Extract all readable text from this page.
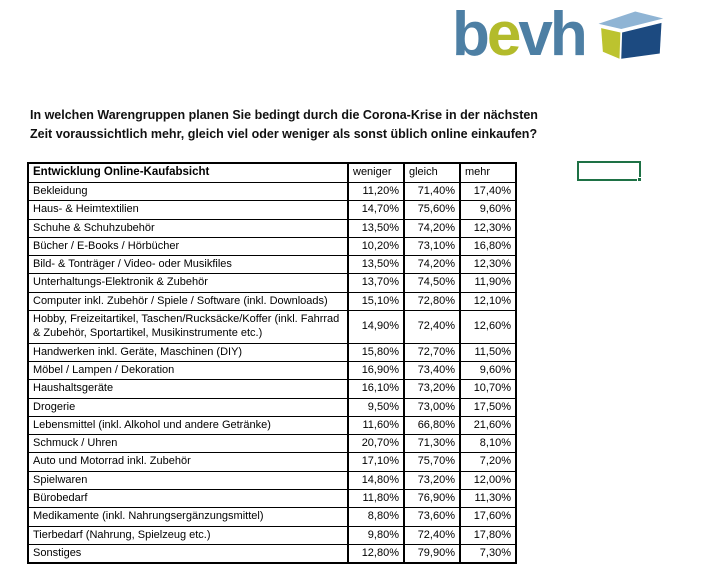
bevh
In welchen Warengruppen planen Sie bedingt durch die Corona-Krise in der nächsten Zeit voraussichtlich mehr, gleich viel oder weniger als sonst üblich online einkaufen?
Entwicklung Online-Kaufabsicht	weniger	gleich	mehr
Bekleidung	11,20%	71,40%	17,40%
Haus- & Heimtextilien	14,70%	75,60%	9,60%
Schuhe & Schuhzubehör	13,50%	74,20%	12,30%
Bücher / E-Books / Hörbücher	10,20%	73,10%	16,80%
Bild- & Tonträger / Video- oder Musikfiles	13,50%	74,20%	12,30%
Unterhaltungs-Elektronik & Zubehör	13,70%	74,50%	11,90%
Computer inkl. Zubehör / Spiele / Software (inkl. Downloads)	15,10%	72,80%	12,10%
Hobby, Freizeitartikel, Taschen/Rucksäcke/Koffer (inkl. Fahrrad & Zubehör, Sportartikel, Musikinstrumente etc.)	14,90%	72,40%	12,60%
Handwerken inkl. Geräte, Maschinen (DIY)	15,80%	72,70%	11,50%
Möbel / Lampen / Dekoration	16,90%	73,40%	9,60%
Haushaltsgeräte	16,10%	73,20%	10,70%
Drogerie	9,50%	73,00%	17,50%
Lebensmittel (inkl. Alkohol und andere Getränke)	11,60%	66,80%	21,60%
Schmuck / Uhren	20,70%	71,30%	8,10%
Auto und Motorrad inkl. Zubehör	17,10%	75,70%	7,20%
Spielwaren	14,80%	73,20%	12,00%
Bürobedarf	11,80%	76,90%	11,30%
Medikamente (inkl. Nahrungsergänzungsmittel)	8,80%	73,60%	17,60%
Tierbedarf (Nahrung, Spielzeug etc.)	9,80%	72,40%	17,80%
Sonstiges	12,80%	79,90%	7,30%
